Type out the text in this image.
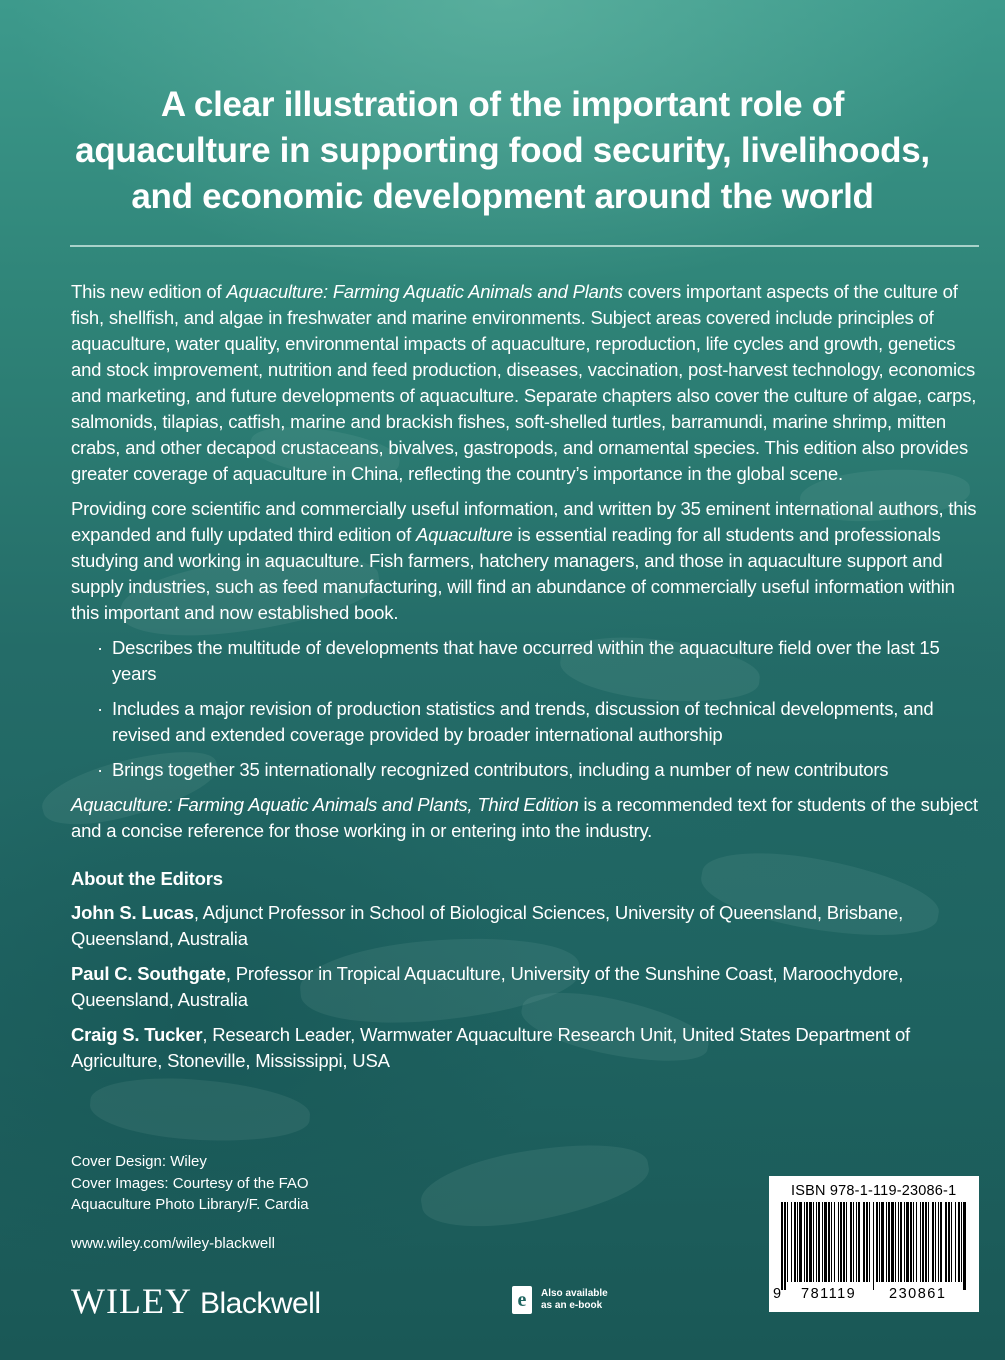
A clear illustration of the important role of
aquaculture in supporting food security, livelihoods,
and economic development around the world

This new edition of Aquaculture: Farming Aquatic Animals and Plants covers important aspects of the culture of fish, shellfish, and algae in freshwater and marine environments. Subject areas covered include principles of aquaculture, water quality, environmental impacts of aquaculture, reproduction, life cycles and growth, genetics and stock improvement, nutrition and feed production, diseases, vaccination, post-harvest technology, economics and marketing, and future developments of aquaculture. Separate chapters also cover the culture of algae, carps, salmonids, tilapias, catfish, marine and brackish fishes, soft-shelled turtles, barramundi, marine shrimp, mitten crabs, and other decapod crustaceans, bivalves, gastropods, and ornamental species. This edition also provides greater coverage of aquaculture in China, reflecting the country’s importance in the global scene.

Providing core scientific and commercially useful information, and written by 35 eminent international authors, this expanded and fully updated third edition of Aquaculture is essential reading for all students and professionals studying and working in aquaculture. Fish farmers, hatchery managers, and those in aquaculture support and supply industries, such as feed manufacturing, will find an abundance of commercially useful information within this important and now established book.

· Describes the multitude of developments that have occurred within the aquaculture field over the last 15 years
· Includes a major revision of production statistics and trends, discussion of technical developments, and revised and extended coverage provided by broader international authorship
· Brings together 35 internationally recognized contributors, including a number of new contributors

Aquaculture: Farming Aquatic Animals and Plants, Third Edition is a recommended text for students of the subject and a concise reference for those working in or entering into the industry.

About the Editors
John S. Lucas, Adjunct Professor in School of Biological Sciences, University of Queensland, Brisbane, Queensland, Australia
Paul C. Southgate, Professor in Tropical Aquaculture, University of the Sunshine Coast, Maroochydore, Queensland, Australia
Craig S. Tucker, Research Leader, Warmwater Aquaculture Research Unit, United States Department of Agriculture, Stoneville, Mississippi, USA
Cover Design: Wiley
Cover Images: Courtesy of the FAO
Aquaculture Photo Library/F. Cardia
www.wiley.com/wiley-blackwell
WILEY Blackwell	e	Also available
as an e-book
ISBN 978-1-119-23086-1
9 781119 230861
